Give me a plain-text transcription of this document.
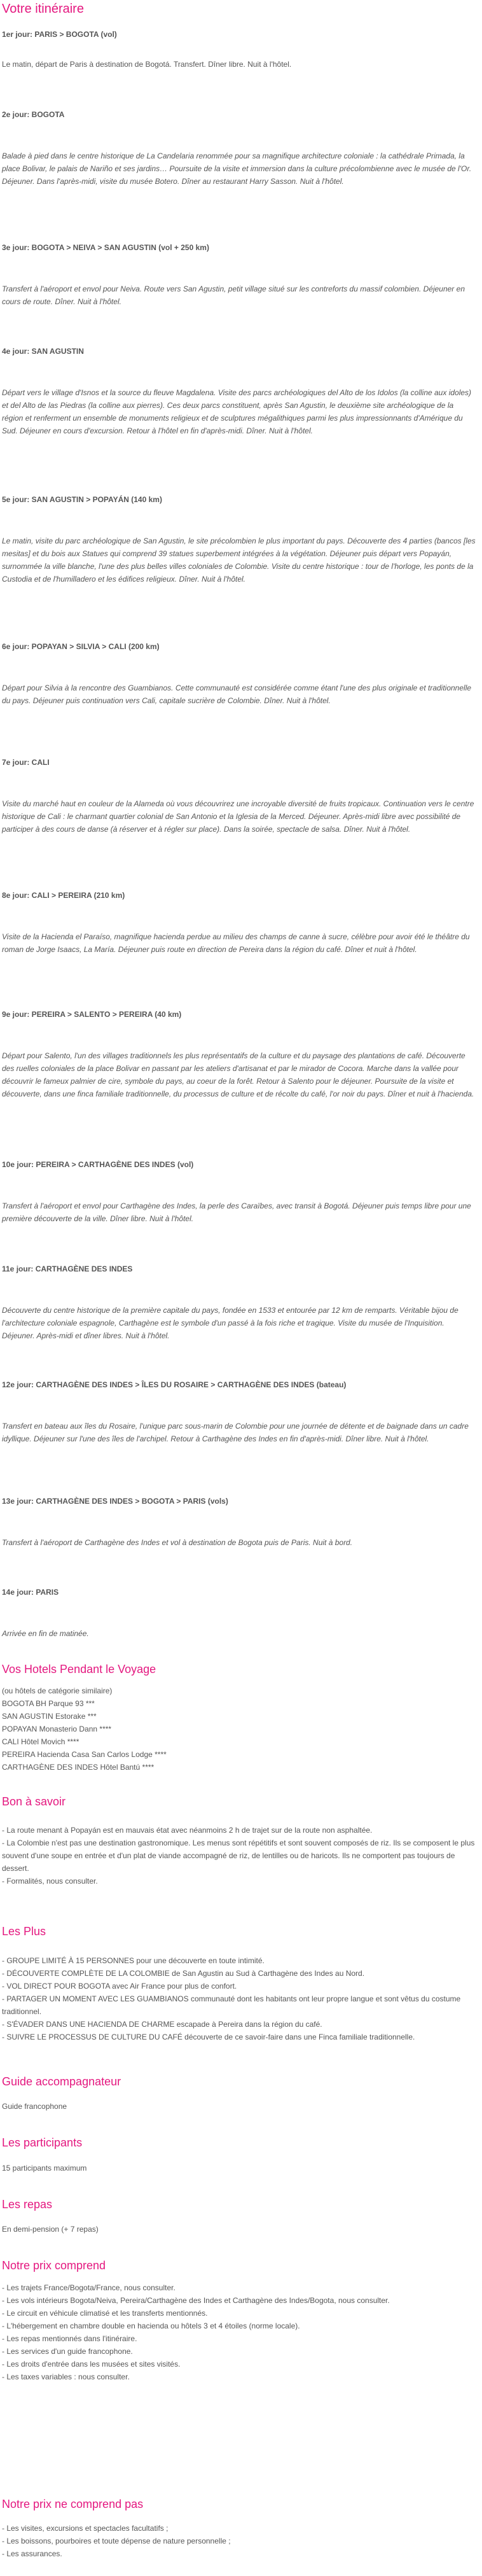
Votre itinéraire

1er jour: PARIS > BOGOTA (vol)

Le matin, départ de Paris à destination de Bogotá. Transfert. Dîner libre. Nuit à l'hôtel.

2e jour: BOGOTA

Balade à pied dans le centre historique de La Candelaria renommée pour sa magnifique architecture coloniale : la cathédrale Primada, la place Bolivar, le palais de Nariño et ses jardins… Poursuite de la visite et immersion dans la culture précolombienne avec le musée de l'Or. Déjeuner. Dans l'après-midi, visite du musée Botero. Dîner au restaurant Harry Sasson. Nuit à l'hôtel.

3e jour: BOGOTA > NEIVA > SAN AGUSTIN (vol + 250 km)

Transfert à l'aéroport et envol pour Neiva. Route vers San Agustin, petit village situé sur les contreforts du massif colombien. Déjeuner en cours de route. Dîner. Nuit à l'hôtel.

4e jour: SAN AGUSTIN

Départ vers le village d'Isnos et la source du fleuve Magdalena. Visite des parcs archéologiques del Alto de los Idolos (la colline aux idoles) et del Alto de las Piedras (la colline aux pierres). Ces deux parcs constituent, après San Agustin, le deuxième site archéologique de la région et renferment un ensemble de monuments religieux et de sculptures mégalithiques parmi les plus impressionnants d'Amérique du Sud. Déjeuner en cours d'excursion. Retour à l'hôtel en fin d'après-midi. Dîner. Nuit à l'hôtel.

5e jour: SAN AGUSTIN > POPAYÁN (140 km)

Le matin, visite du parc archéologique de San Agustin, le site précolombien le plus important du pays. Découverte des 4 parties (bancos [les mesitas] et du bois aux Statues qui comprend 39 statues superbement intégrées à la végétation. Déjeuner puis départ vers Popayán, surnommée la ville blanche, l'une des plus belles villes coloniales de Colombie. Visite du centre historique : tour de l'horloge, les ponts de la Custodia et de l'humilladero et les édifices religieux. Dîner. Nuit à l'hôtel.

6e jour: POPAYAN > SILVIA > CALI (200 km)

Départ pour Silvia à la rencontre des Guambianos. Cette communauté est considérée comme étant l'une des plus originale et traditionnelle du pays. Déjeuner puis continuation vers Cali, capitale sucrière de Colombie. Dîner. Nuit à l'hôtel.

7e jour: CALI

Visite du marché haut en couleur de la Alameda où vous découvrirez une incroyable diversité de fruits tropicaux. Continuation vers le centre historique de Cali : le charmant quartier colonial de San Antonio et la Iglesia de la Merced. Déjeuner. Après-midi libre avec possibilité de participer à des cours de danse (à réserver et à régler sur place). Dans la soirée, spectacle de salsa. Dîner. Nuit à l'hôtel.

8e jour: CALI > PEREIRA (210 km)

Visite de la Hacienda el Paraíso, magnifique hacienda perdue au milieu des champs de canne à sucre, célèbre pour avoir été le théâtre du roman de Jorge Isaacs, La María. Déjeuner puis route en direction de Pereira dans la région du café. Dîner et nuit à l'hôtel.

9e jour: PEREIRA > SALENTO > PEREIRA (40 km)

Départ pour Salento, l'un des villages traditionnels les plus représentatifs de la culture et du paysage des plantations de café. Découverte des ruelles coloniales de la place Bolivar en passant par les ateliers d'artisanat et par le mirador de Cocora. Marche dans la vallée pour découvrir le fameux palmier de cire, symbole du pays, au coeur de la forêt. Retour à Salento pour le déjeuner. Poursuite de la visite et découverte, dans une finca familiale traditionnelle, du processus de culture et de récolte du café, l'or noir du pays. Dîner et nuit à l'hacienda.

10e jour: PEREIRA > CARTHAGÈNE DES INDES (vol)

Transfert à l'aéroport et envol pour Carthagène des Indes, la perle des Caraïbes, avec transit à Bogotá. Déjeuner puis temps libre pour une première découverte de la ville. Dîner libre. Nuit à l'hôtel.

11e jour: CARTHAGÈNE DES INDES

Découverte du centre historique de la première capitale du pays, fondée en 1533 et entourée par 12 km de remparts. Véritable bijou de l'architecture coloniale espagnole, Carthagène est le symbole d'un passé à la fois riche et tragique. Visite du musée de l'Inquisition. Déjeuner. Après-midi et dîner libres. Nuit à l'hôtel.

12e jour: CARTHAGÈNE DES INDES > ÎLES DU ROSAIRE > CARTHAGÈNE DES INDES (bateau)

Transfert en bateau aux îles du Rosaire, l'unique parc sous-marin de Colombie pour une journée de détente et de baignade dans un cadre idyllique. Déjeuner sur l'une des îles de l'archipel. Retour à Carthagène des Indes en fin d'après-midi. Dîner libre. Nuit à l'hôtel.

13e jour: CARTHAGÈNE DES INDES > BOGOTA > PARIS (vols)

Transfert à l'aéroport de Carthagène des Indes et vol à destination de Bogota puis de Paris. Nuit à bord.

14e jour: PARIS

Arrivée en fin de matinée.

Vos Hotels Pendant le Voyage
(ou hôtels de catégorie similaire)
BOGOTA BH Parque 93 ***
SAN AGUSTIN Estorake ***
POPAYAN Monasterio Dann ****
CALI Hôtel Movich ****
PEREIRA Hacienda Casa San Carlos Lodge ****
CARTHAGÈNE DES INDES Hôtel Bantú ****
Bon à savoir
- La route menant à Popayán est en mauvais état avec néanmoins 2 h de trajet sur de la route non asphaltée.
- La Colombie n'est pas une destination gastronomique. Les menus sont répétitifs et sont souvent composés de riz. Ils se composent le plus souvent d'une soupe en entrée et d'un plat de viande accompagné de riz, de lentilles ou de haricots. Ils ne comportent pas toujours de dessert.
- Formalités, nous consulter.
Les Plus
- GROUPE LIMITÉ À 15 PERSONNES pour une découverte en toute intimité.
- DÉCOUVERTE COMPLÈTE DE LA COLOMBIE de San Agustin au Sud à Carthagène des Indes au Nord.
- VOL DIRECT POUR BOGOTA avec Air France pour plus de confort.
- PARTAGER UN MOMENT AVEC LES GUAMBIANOS communauté dont les habitants ont leur propre langue et sont vêtus du costume traditionnel.
- S'ÉVADER DANS UNE HACIENDA DE CHARME escapade à Pereira dans la région du café.
- SUIVRE LE PROCESSUS DE CULTURE DU CAFÉ découverte de ce savoir-faire dans une Finca familiale traditionnelle.
Guide accompagnateur

Guide francophone

Les participants

15 participants maximum

Les repas

En demi-pension (+ 7 repas)

Notre prix comprend
- Les trajets France/Bogota/France, nous consulter.
- Les vols intérieurs Bogota/Neiva, Pereira/Carthagène des Indes et Carthagène des Indes/Bogota, nous consulter.
- Le circuit en véhicule climatisé et les transferts mentionnés.
- L'hébergement en chambre double en hacienda ou hôtels 3 et 4 étoiles (norme locale).
- Les repas mentionnés dans l'itinéraire.
- Les services d'un guide francophone.
- Les droits d'entrée dans les musées et sites visités.
- Les taxes variables : nous consulter.
Notre prix ne comprend pas
- Les visites, excursions et spectacles facultatifs ;
- Les boissons, pourboires et toute dépense de nature personnelle ;
- Les assurances.
